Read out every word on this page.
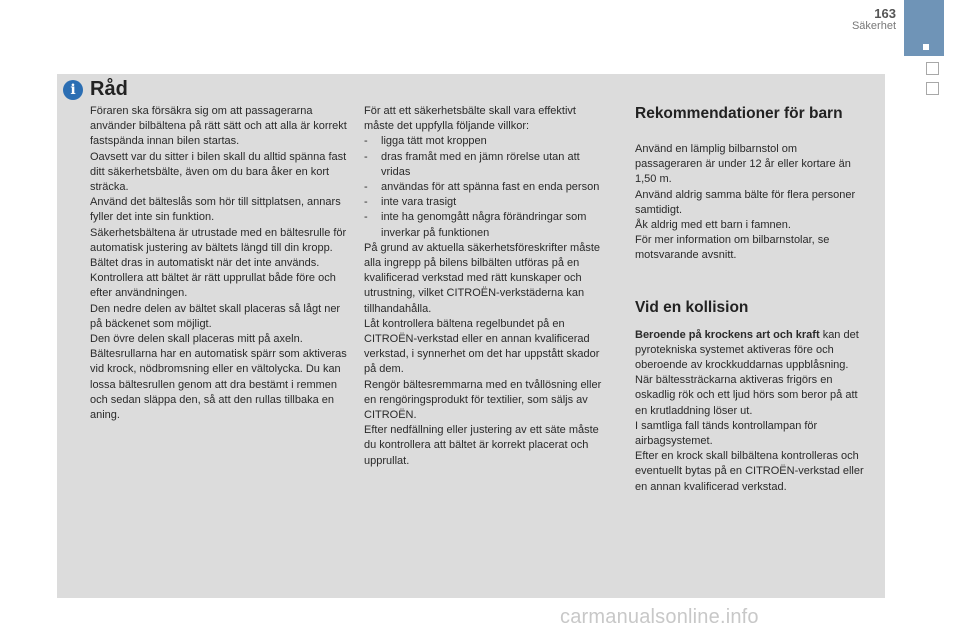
163
Säkerhet
i Råd

Föraren ska försäkra sig om att passagerarna använder bilbältena på rätt sätt och att alla är korrekt fastspända innan bilen startas.

Oavsett var du sitter i bilen skall du alltid spänna fast ditt säkerhetsbälte, även om du bara åker en kort sträcka.

Använd det bälteslås som hör till sittplatsen, annars fyller det inte sin funktion.

Säkerhetsbältena är utrustade med en bältesrulle för automatisk justering av bältets längd till din kropp. Bältet dras in automatiskt när det inte används.

Kontrollera att bältet är rätt upprullat både före och efter användningen.

Den nedre delen av bältet skall placeras så lågt ner på bäckenet som möjligt.

Den övre delen skall placeras mitt på axeln.

Bältesrullarna har en automatisk spärr som aktiveras vid krock, nödbromsning eller en vältolycka. Du kan lossa bältesrullen genom att dra bestämt i remmen och sedan släppa den, så att den rullas tillbaka en aning.

För att ett säkerhetsbälte skall vara effektivt måste det uppfylla följande villkor:

- ligga tätt mot kroppen
- dras framåt med en jämn rörelse utan att vridas
- användas för att spänna fast en enda person
- inte vara trasigt
- inte ha genomgått några förändringar som inverkar på funktionen

På grund av aktuella säkerhetsföreskrifter måste alla ingrepp på bilens bilbälten utföras på en kvalificerad verkstad med rätt kunskaper och utrustning, vilket CITROËN-verkstäderna kan tillhandahålla.

Låt kontrollera bältena regelbundet på en CITROËN-verkstad eller en annan kvalificerad verkstad, i synnerhet om det har uppstått skador på dem.

Rengör bältesremmarna med en tvållösning eller en rengöringsprodukt för textilier, som säljs av CITROËN.

Efter nedfällning eller justering av ett säte måste du kontrollera att bältet är korrekt placerat och upprullat.

Rekommendationer för barn

Använd en lämplig bilbarnstol om passageraren är under 12 år eller kortare än 1,50 m.

Använd aldrig samma bälte för flera personer samtidigt.

Åk aldrig med ett barn i famnen.

För mer information om bilbarnstolar, se motsvarande avsnitt.

Vid en kollision

Beroende på krockens art och kraft kan det pyrotekniska systemet aktiveras före och oberoende av krockkuddarnas uppblåsning. När bältessträckarna aktiveras frigörs en oskadlig rök och ett ljud hörs som beror på att en krutladdning löser ut.

I samtliga fall tänds kontrollampan för airbagsystemet.

Efter en krock skall bilbältena kontrolleras och eventuellt bytas på en CITROËN-verkstad eller en annan kvalificerad verkstad.

carmanualsonline.info
